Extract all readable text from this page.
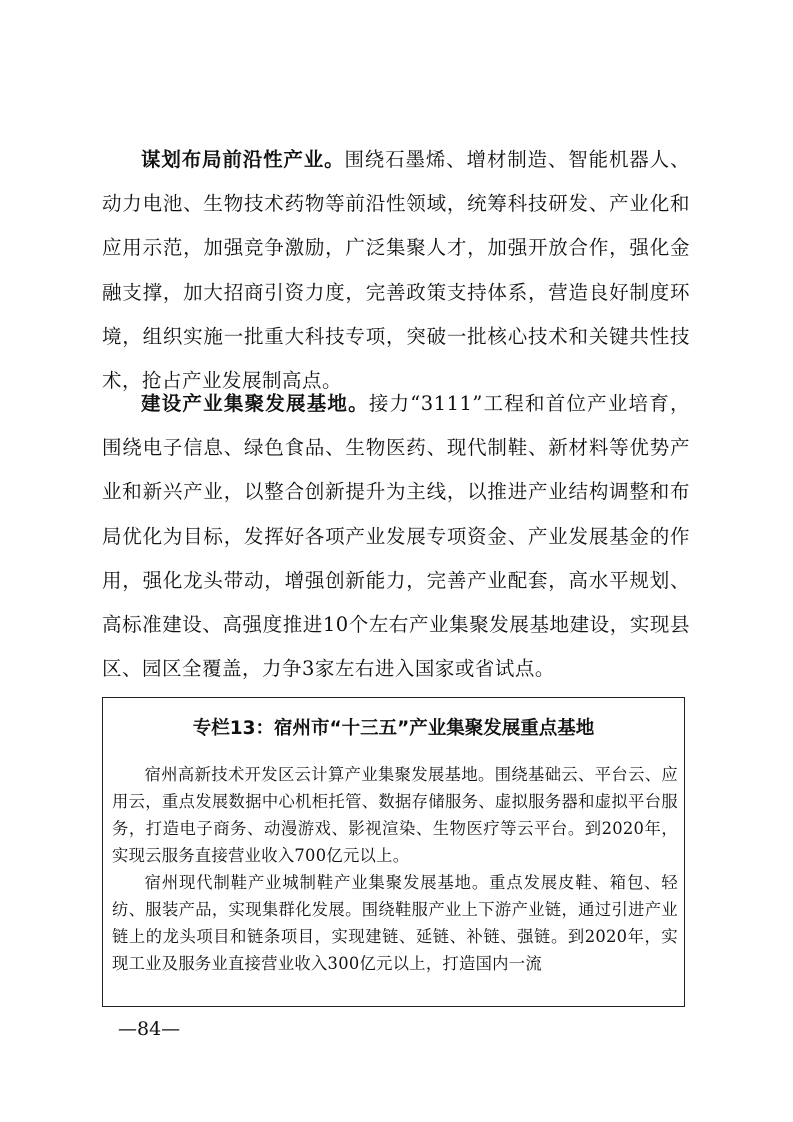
谋划布局前沿性产业。围绕石墨烯、增材制造、智能机器人、动力电池、生物技术药物等前沿性领域，统筹科技研发、产业化和应用示范，加强竞争激励，广泛集聚人才，加强开放合作，强化金融支撑，加大招商引资力度，完善政策支持体系，营造良好制度环境，组织实施一批重大科技专项，突破一批核心技术和关键共性技术，抢占产业发展制高点。

建设产业集聚发展基地。接力“3111”工程和首位产业培育，围绕电子信息、绿色食品、生物医药、现代制鞋、新材料等优势产业和新兴产业，以整合创新提升为主线，以推进产业结构调整和布局优化为目标，发挥好各项产业发展专项资金、产业发展基金的作用，强化龙头带动，增强创新能力，完善产业配套，高水平规划、高标准建设、高强度推进10个左右产业集聚发展基地建设，实现县区、园区全覆盖，力争3家左右进入国家或省试点。

专栏13：宿州市“十三五”产业集聚发展重点基地

宿州高新技术开发区云计算产业集聚发展基地。围绕基础云、平台云、应用云，重点发展数据中心机柜托管、数据存储服务、虚拟服务器和虚拟平台服务，打造电子商务、动漫游戏、影视渲染、生物医疗等云平台。到2020年，实现云服务直接营业收入700亿元以上。

宿州现代制鞋产业城制鞋产业集聚发展基地。重点发展皮鞋、箱包、轻纺、服装产品，实现集群化发展。围绕鞋服产业上下游产业链，通过引进产业链上的龙头项目和链条项目，实现建链、延链、补链、强链。到2020年，实现工业及服务业直接营业收入300亿元以上，打造国内一流

—84—
